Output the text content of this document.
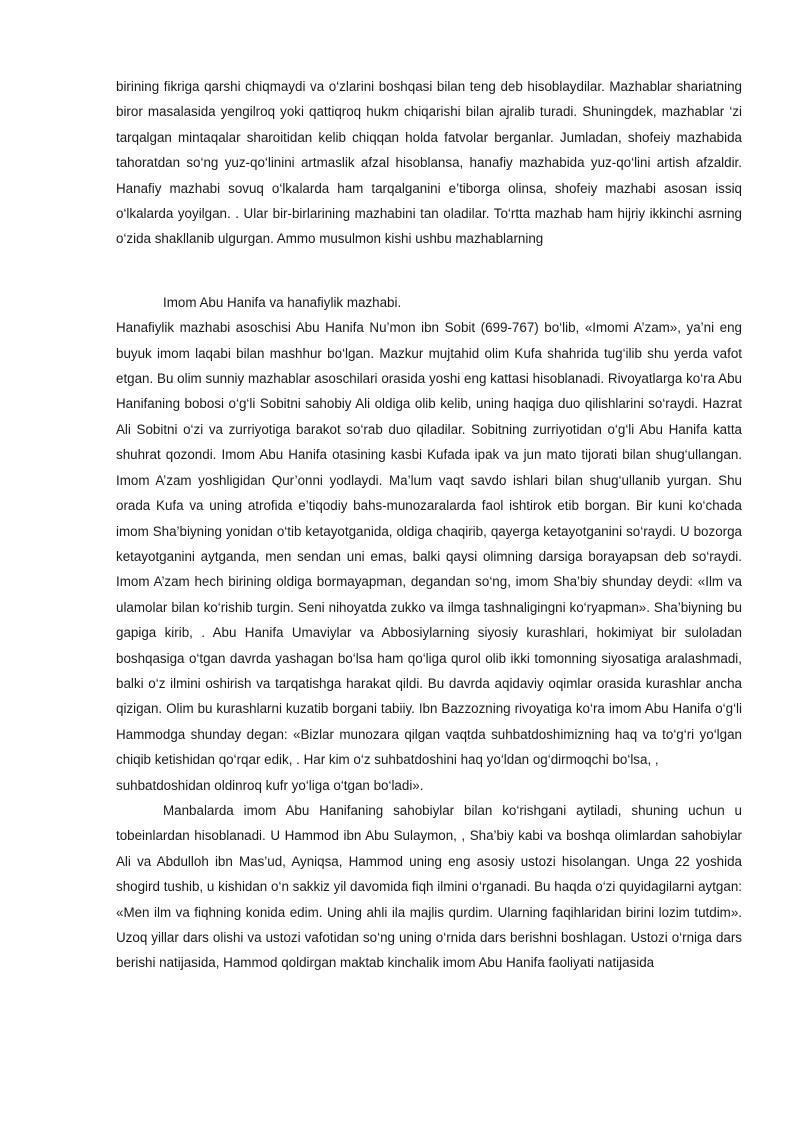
birining fikriga qarshi chiqmaydi va o‘zlarini boshqasi bilan teng deb hisoblaydilar. Mazhablar shariatning biror masalasida yengilroq yoki qattiqroq hukm chiqarishi bilan ajralib turadi. Shuningdek, mazhablar ‘zi tarqalgan mintaqalar sharoitidan kelib chiqqan holda fatvolar berganlar. Jumladan, shofeiy mazhabida tahoratdan so‘ng yuz-qo‘linini artmaslik afzal hisoblansa, hanafiy mazhabida yuz-qo‘lini artish afzaldir. Hanafiy mazhabi sovuq o‘lkalarda ham tarqalganini e’tiborga olinsa, shofeiy mazhabi asosan issiq o‘lkalarda yoyilgan. . Ular bir-birlarining mazhabini tan oladilar. To‘rtta mazhab ham hijriy ikkinchi asrning o‘zida shakllanib ulgurgan. Ammo musulmon kishi ushbu mazhablarning

Imom Abu Hanifa va hanafiylik mazhabi.

Hanafiylik mazhabi asoschisi Abu Hanifa Nu’mon ibn Sobit (699-767) bo‘lib, «Imomi A’zam», ya’ni eng buyuk imom laqabi bilan mashhur bo‘lgan. Mazkur mujtahid olim Kufa shahrida tug‘ilib shu yerda vafot etgan. Bu olim sunniy mazhablar asoschilari orasida yoshi eng kattasi hisoblanadi. Rivoyatlarga ko‘ra Abu Hanifaning bobosi o‘g‘li Sobitni sahobiy Ali oldiga olib kelib, uning haqiga duo qilishlarini so‘raydi. Hazrat Ali Sobitni o‘zi va zurriyotiga barakot so‘rab duo qiladilar. Sobitning zurriyotidan o‘g‘li Abu Hanifa katta shuhrat qozondi. Imom Abu Hanifa otasining kasbi Kufada ipak va jun mato tijorati bilan shug‘ullangan. Imom A’zam yoshligidan Qur’onni yodlaydi. Ma’lum vaqt savdo ishlari bilan shug‘ullanib yurgan. Shu orada Kufa va uning atrofida e’tiqodiy bahs-munozaralarda faol ishtirok etib borgan. Bir kuni ko‘chada imom Sha’biyning yonidan o‘tib ketayotganida, oldiga chaqirib, qayerga ketayotganini so‘raydi. U bozorga ketayotganini aytganda, men sendan uni emas, balki qaysi olimning darsiga borayapsan deb so‘raydi. Imom A’zam hech birining oldiga bormayapman, degandan so‘ng, imom Sha’biy shunday deydi: «Ilm va ulamolar bilan ko‘rishib turgin. Seni nihoyatda zukko va ilmga tashnaligingni ko‘ryapman». Sha’biyning bu gapiga kirib, . Abu Hanifa Umaviylar va Abbosiylarning siyosiy kurashlari, hokimiyat bir suloladan boshqasiga o‘tgan davrda yashagan bo‘lsa ham qo‘liga qurol olib ikki tomonning siyosatiga aralashmadi, balki o‘z ilmini oshirish va tarqatishga harakat qildi. Bu davrda aqidaviy oqimlar orasida kurashlar ancha qizigan. Olim bu kurashlarni kuzatib borgani tabiiy. Ibn Bazzozning rivoyatiga ko‘ra imom Abu Hanifa o‘g‘li Hammodga shunday degan: «Bizlar munozara qilgan vaqtda suhbatdoshimizning haq va to‘g‘ri yo‘lgan chiqib ketishidan qo‘rqar edik, . Har kim o‘z suhbatdoshini haq yo‘ldan og‘dirmoqchi bo‘lsa, ,

suhbatdoshidan oldinroq kufr yo‘liga o‘tgan bo‘ladi».

Manbalarda imom Abu Hanifaning sahobiylar bilan ko‘rishgani aytiladi, shuning uchun u tobeinlardan hisoblanadi. U Hammod ibn Abu Sulaymon, , Sha’biy kabi va boshqa olimlardan sahobiylar Ali va Abdulloh ibn Mas’ud, Ayniqsa, Hammod uning eng asosiy ustozi hisolangan. Unga 22 yoshida shogird tushib, u kishidan o‘n sakkiz yil davomida fiqh ilmini o‘rganadi. Bu haqda o‘zi quyidagilarni aytgan: «Men ilm va fiqhning konida edim. Uning ahli ila majlis qurdim. Ularning faqihlaridan birini lozim tutdim». Uzoq yillar dars olishi va ustozi vafotidan so‘ng uning o‘rnida dars berishni boshlagan. Ustozi o‘rniga dars berishi natijasida, Hammod qoldirgan maktab kinchalik imom Abu Hanifa faoliyati natijasida
